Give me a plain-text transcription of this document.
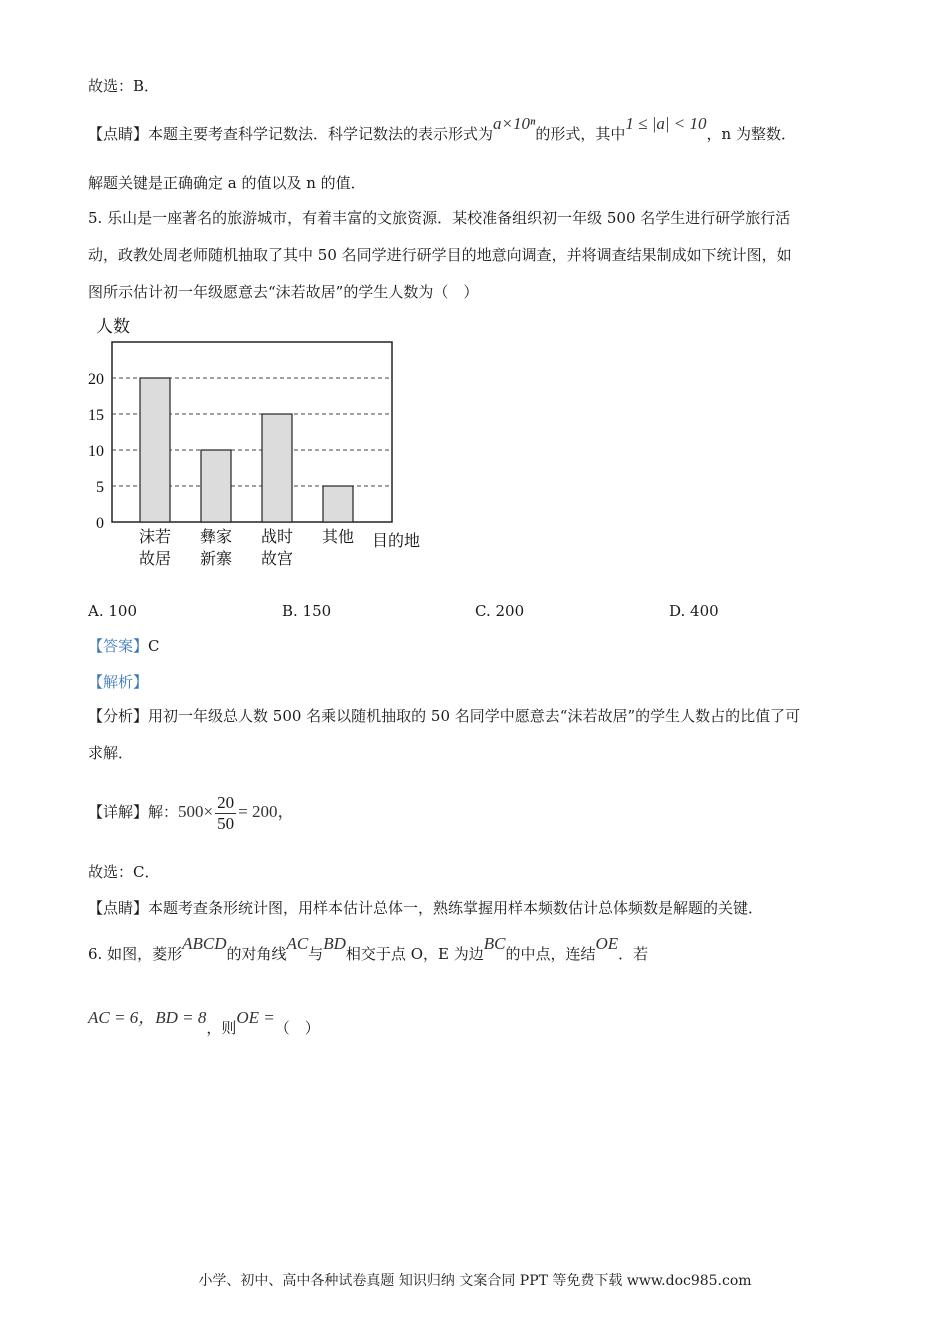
故选：B．
【点睛】本题主要考查科学记数法．科学记数法的表示形式为a×10ⁿ的形式，其中1 ≤ |a| < 10，n 为整数．
解题关键是正确确定 a 的值以及 n 的值．
5. 乐山是一座著名的旅游城市，有着丰富的文旅资源．某校准备组织初一年级 500 名学生进行研学旅行活
动，政教处周老师随机抽取了其中 50 名同学进行研学目的地意向调查，并将调查结果制成如下统计图，如
图所示估计初一年级愿意去“沫若故居”的学生人数为（　）
人数
0
5
10
15
20
沫若
故居
彝家
新寨
战时
故宫
其他 目的地
A. 100	B. 150	C. 200	D. 400
【答案】C
【解析】
【分析】用初一年级总人数 500 名乘以随机抽取的 50 名同学中愿意去“沫若故居”的学生人数占的比值了可
求解．
【详解】解：$500\times \frac{20}{50} = 200$，
故选：C．
【点睛】本题考查条形统计图，用样本估计总体一，熟练掌握用样本频数估计总体频数是解题的关键．
6. 如图，菱形ABCD的对角线AC与BD相交于点 O，E 为边BC的中点，连结OE．若
AC = 6，BD = 8，则OE =（　）
小学、初中、高中各种试卷真题 知识归纳 文案合同 PPT 等免费下载 www.doc985.com
